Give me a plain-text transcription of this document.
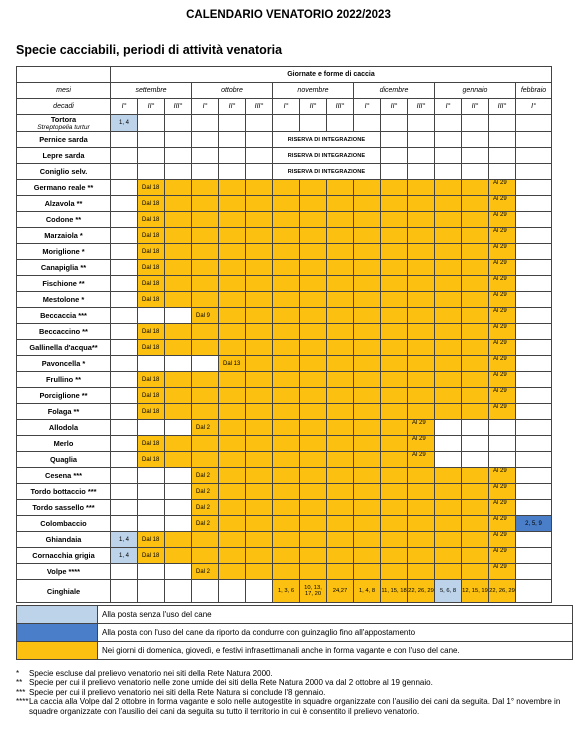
CALENDARIO VENATORIO 2022/2023
Specie cacciabili, periodi di attività venatoria
	Giornate e forme di caccia															
mesi	settembre			ottobre			novembre			dicembre			gennaio			febbraio
decadi	I°	II°	III°	I°	II°	III°	I°	II°	III°	I°	II°	III°	I°	II°	III°	I°
Tortora
Streptopelia turtur	1, 4															
Pernice sarda							RISERVA DI INTEGRAZIONE									
Lepre sarda							RISERVA DI INTEGRAZIONE									
Coniglio selv.							RISERVA DI INTEGRAZIONE									
Germano reale **		Dal 18													Al 29	
Alzavola **		Dal 18													Al 29	
Codone **		Dal 18													Al 29	
Marzaiola *		Dal 18													Al 29	
Moriglione *		Dal 18													Al 29	
Canapiglia **		Dal 18													Al 29	
Fischione **		Dal 18													Al 29	
Mestolone *		Dal 18													Al 29	
Beccaccia ***				Dal 9											Al 29	
Beccaccino **		Dal 18													Al 29	
Gallinella d'acqua**		Dal 18													Al 29	
Pavoncella *					Dal 13										Al 29	
Frullino **		Dal 18													Al 29	
Porciglione **		Dal 18													Al 29	
Folaga **		Dal 18													Al 29	
Allodola				Dal 2								Al 29				
Merlo		Dal 18										Al 29				
Quaglia		Dal 18										Al 29				
Cesena ***				Dal 2											Al 29	
Tordo bottaccio ***				Dal 2											Al 29	
Tordo sassello ***				Dal 2											Al 29	
Colombaccio				Dal 2											Al 29	2, 5, 9
Ghiandaia	1, 4	Dal 18													Al 29	
Cornacchia grigia	1, 4	Dal 18													Al 29	
Volpe ****				Dal 2											Al 29	
Cinghiale							1, 3, 6	10, 13, 17, 20	24,27	1, 4, 8	11, 15, 18	22, 26, 29	5, 6, 8	12, 15, 19	22, 26, 29	
	Alla posta senza l'uso del cane
	Alla posta con l'uso del cane da riporto da condurre con guinzaglio fino all'appostamento
	Nei giorni di domenica, giovedì, e festivi infrasettimanali anche in forma vagante e con l'uso del cane.
*	Specie escluse dal prelievo venatorio nei siti della Rete Natura 2000.
** Specie per cui il prelievo venatorio nelle zone umide dei siti della Rete Natura 2000 va dal 2 ottobre al 19 gennaio.
*** Specie per cui il prelievo venatorio nei siti della Rete Natura si conclude l'8 gennaio.
**** La caccia alla Volpe dal 2 ottobre in forma vagante e solo nelle autogestite in squadre organizzate con l'ausilio dei cani da seguita. Dal 1° novembre in squadre organizzate con l'ausilio dei cani da seguita su tutto il territorio in cui è consentito il prelievo venatorio.
